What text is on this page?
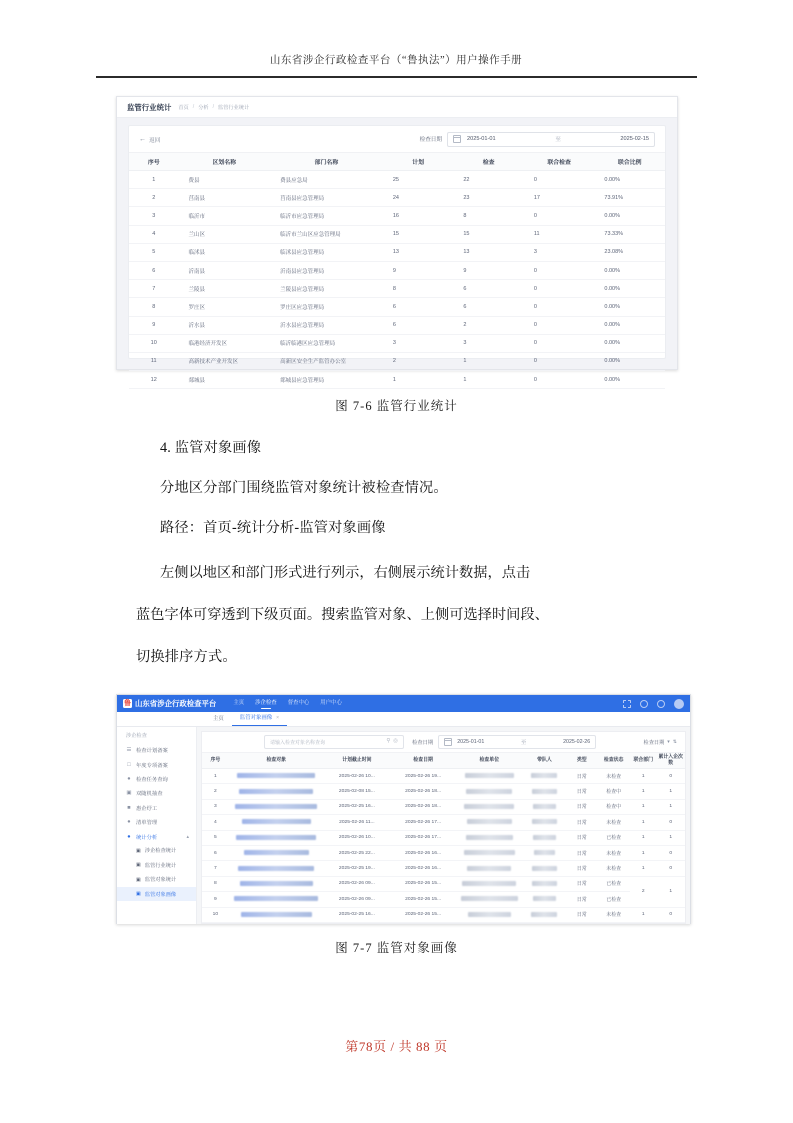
山东省涉企行政检查平台（“鲁执法”）用户操作手册
监管行业统计 首页 / 分析 / 监管行业统计
← 返回	检查日期	2025-01-01	至	2025-02-15
序号	区划名称	部门名称	计划	检查	联合检查	联合比例
1	费县	费县应急局	25	22	0	0.00%
2	莒南县	莒南县应急管理局	24	23	17	73.91%
3	临沂市	临沂市应急管理局	16	8	0	0.00%
4	兰山区	临沂市兰山区应急管理局	15	15	11	73.33%
5	临沭县	临沭县应急管理局	13	13	3	23.08%
6	沂南县	沂南县应急管理局	9	9	0	0.00%
7	兰陵县	兰陵县应急管理局	8	6	0	0.00%
8	罗庄区	罗庄区应急管理局	6	6	0	0.00%
9	沂水县	沂水县应急管理局	6	2	0	0.00%
10	临港经济开发区	临沂临港区应急管理局	3	3	0	0.00%
11	高新技术产业开发区	高新区安全生产监管办公室	2	1	0	0.00%
12	郯城县	郯城县应急管理局	1	1	0	0.00%
图 7-6 监管行业统计
4. 监管对象画像
分地区分部门围绕监管对象统计被检查情况。
路径：首页-统计分析-监管对象画像
左侧以地区和部门形式进行列示，右侧展示统计数据，点击
蓝色字体可穿透到下级页面。搜索监管对象、上侧可选择时间段、
切换排序方式。
鲁 山东省涉企行政检查平台	主页 涉企检查 督查中心 用户中心
主页	监管对象画像 ×
涉企检查
☰ 检查计划备案
□ 年度专项备案
● 检查任务查询
▣ 双随机抽查
■ 惠企纾工
● 清单管理
● 统计分析	▴
▣ 涉企检查统计
▣ 监管行业统计
▣ 监管对象统计
▣ 监管对象画像
请输入检查对象名称查询	⚲ ◎	检查日期	2025-01-01	至	2025-02-26	检查日期 ▾ ⇅
序号	检查对象	计划截止时间	检查日期	检查单位	带队人	类型	检查状态	联合部门	累计入企次数
1		2025-02-26 10...	2025-02-26 19...			日常	未检查	1	0
2		2025-02-08 15...	2025-02-26 18...			日常	检查中	1	1
3		2025-02-25 16...	2025-02-26 18...			日常	检查中	1	1
4		2025-02-26 11...	2025-02-26 17...			日常	未检查	1	0
5		2025-02-26 10...	2025-02-26 17...			日常	已检查	1	1
6		2025-02-25 22...	2025-02-26 16...			日常	未检查	1	0
7		2025-02-25 19...	2025-02-26 16...			日常	未检查	1	0
8		2025-02-26 09...	2025-02-26 15...			日常	已检查	2	1
9		2025-02-26 09...	2025-02-26 15...			日常	已检查		
10		2025-02-25 16...	2025-02-26 15...			日常	未检查	1	0
图 7-7 监管对象画像
第78页 / 共 88 页
